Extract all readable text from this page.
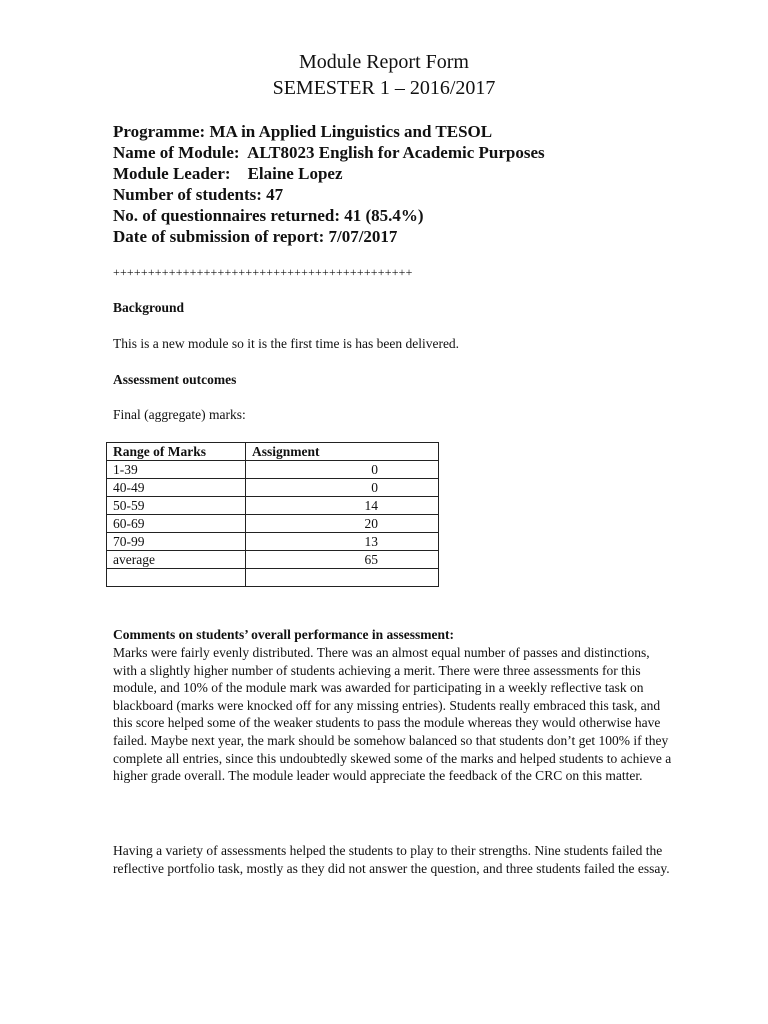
Module Report Form
SEMESTER 1 – 2016/2017
Programme: MA in Applied Linguistics and TESOL
Name of Module:  ALT8023 English for Academic Purposes
Module Leader:    Elaine Lopez
Number of students: 47
No. of questionnaires returned: 41 (85.4%)
Date of submission of report: 7/07/2017
+++++++++++++++++++++++++++++++++++++++++++
Background
This is a new module so it is the first time is has been delivered.
Assessment outcomes
Final (aggregate) marks:
Range of Marks	Assignment
1-39	0
40-49	0
50-59	14
60-69	20
70-99	13
average	65

Comments on students’ overall performance in assessment:
Marks were fairly evenly distributed. There was an almost equal number of passes and distinctions, with a slightly higher number of students achieving a merit. There were three assessments for this module, and 10% of the module mark was awarded for participating in a weekly reflective task on blackboard (marks were knocked off for any missing entries). Students really embraced this task, and this score helped some of the weaker students to pass the module whereas they would otherwise have failed. Maybe next year, the mark should be somehow balanced so that students don’t get 100% if they complete all entries, since this undoubtedly skewed some of the marks and helped students to achieve a higher grade overall. The module leader would appreciate the feedback of the CRC on this matter.
Having a variety of assessments helped the students to play to their strengths. Nine students failed the reflective portfolio task, mostly as they did not answer the question, and three students failed the essay.
